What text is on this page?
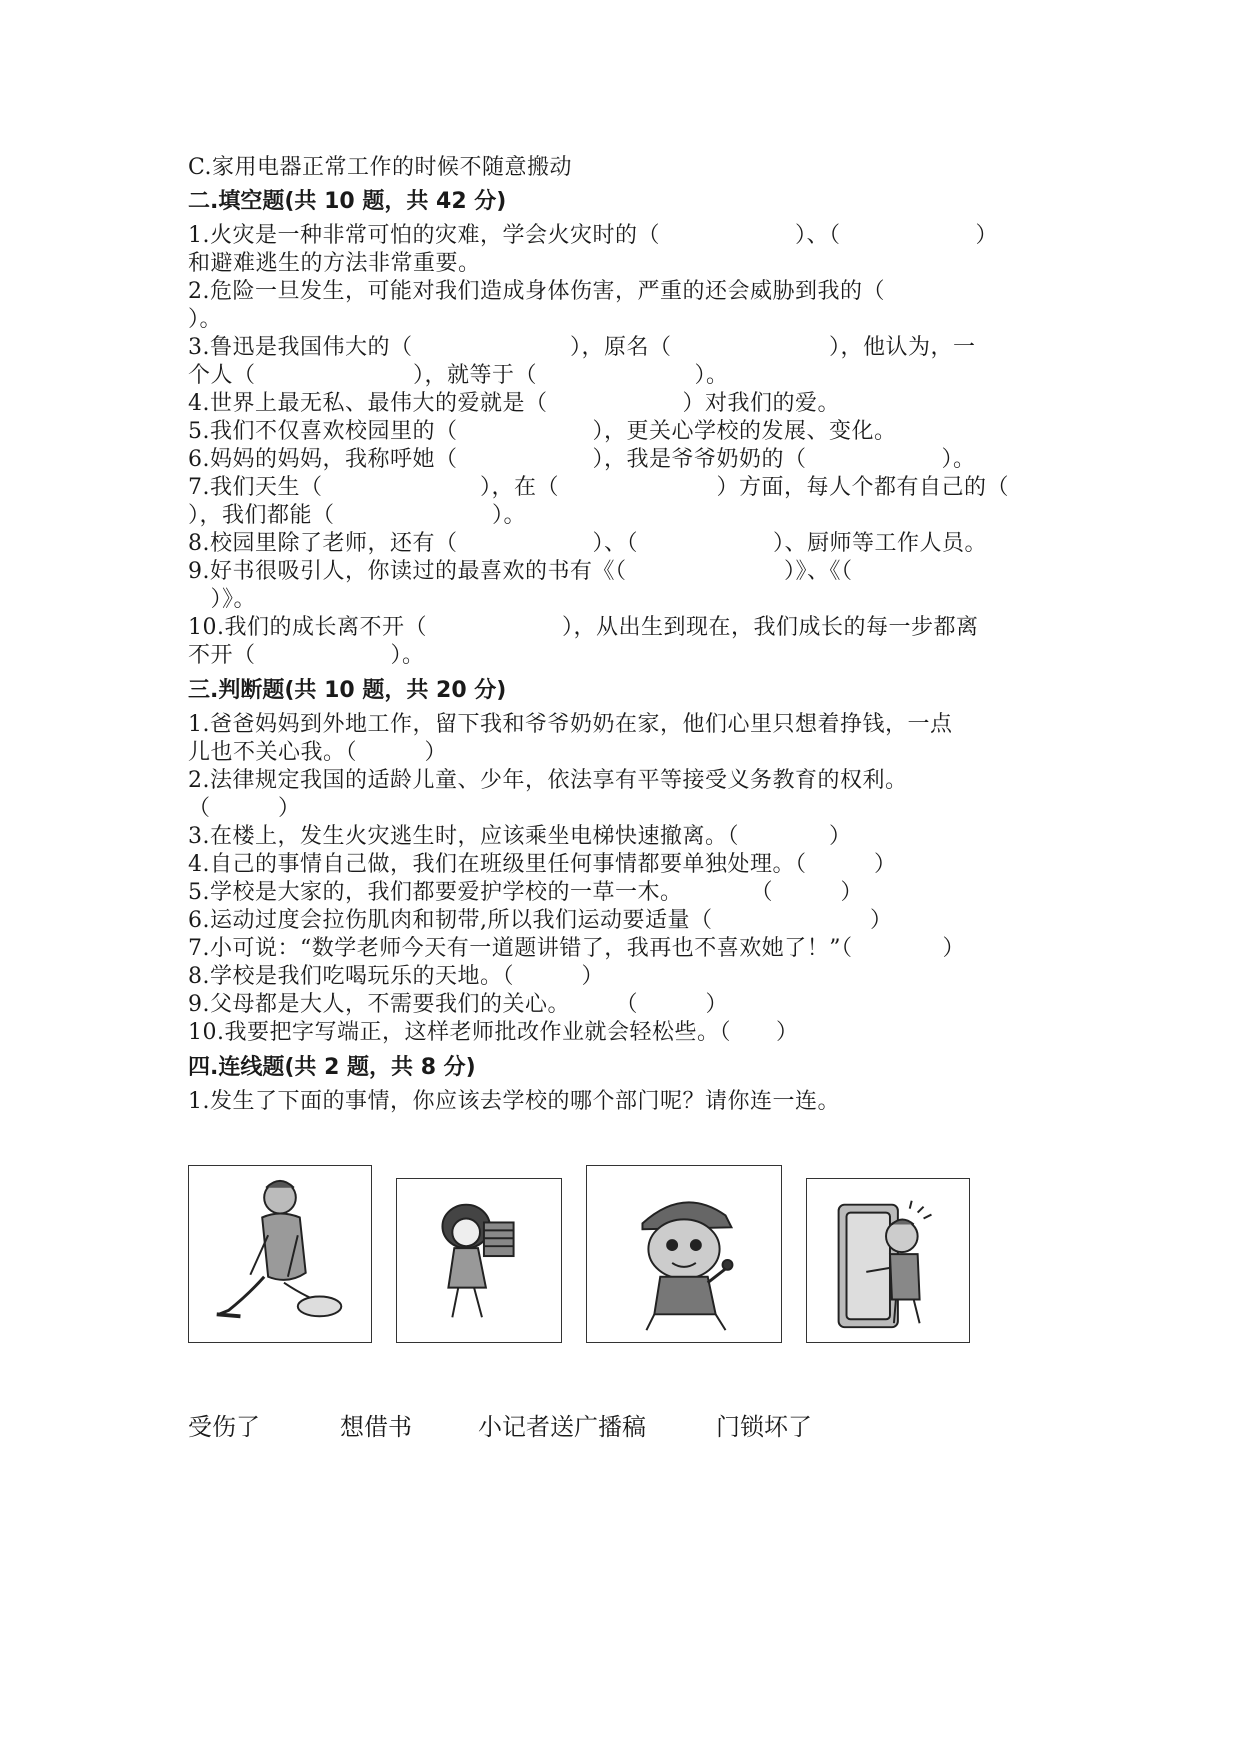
C.家用电器正常工作的时候不随意搬动
二.填空题(共 10 题，共 42 分)
1.火灾是一种非常可怕的灾难，学会火灾时的（　　　　　　）、（　　　　　　）
和避难逃生的方法非常重要。
2.危险一旦发生，可能对我们造成身体伤害，严重的还会威胁到我的（
）。
3.鲁迅是我国伟大的（　　　　　　　），原名（　　　　　　　），他认为，一
个人（　　　　　　　），就等于（　　　　　　　）。
4.世界上最无私、最伟大的爱就是（　　　　　　）对我们的爱。
5.我们不仅喜欢校园里的（　　　　　　），更关心学校的发展、变化。
6.妈妈的妈妈，我称呼她（　　　　　　），我是爷爷奶奶的（　　　　　　）。
7.我们天生（　　　　　　　），在（　　　　　　　）方面，每人个都有自己的（
），我们都能（　　　　　　　）。
8.校园里除了老师，还有（　　　　　　）、（　　　　　　）、厨师等工作人员。
9.好书很吸引人，你读过的最喜欢的书有《（　　　　　　　）》、《（
　）》。
10.我们的成长离不开（　　　　　　），从出生到现在，我们成长的每一步都离
不开（　　　　　　）。
三.判断题(共 10 题，共 20 分)
1.爸爸妈妈到外地工作，留下我和爷爷奶奶在家，他们心里只想着挣钱，一点
儿也不关心我。（　　　）
2.法律规定我国的适龄儿童、少年，依法享有平等接受义务教育的权利。
（　　　）
3.在楼上，发生火灾逃生时，应该乘坐电梯快速撤离。（　　　　）
4.自己的事情自己做，我们在班级里任何事情都要单独处理。（　　　）
5.学校是大家的，我们都要爱护学校的一草一木。　　　　（　　　）
6.运动过度会拉伤肌肉和韧带,所以我们运动要适量（　　　　　　　）
7.小可说：“数学老师今天有一道题讲错了，我再也不喜欢她了！”（　　　　）
8.学校是我们吃喝玩乐的天地。（　　　）
9.父母都是大人，不需要我们的关心。　　　（　　　）
10.我要把字写端正，这样老师批改作业就会轻松些。（　　）
四.连线题(共 2 题，共 8 分)
1.发生了下面的事情，你应该去学校的哪个部门呢？请你连一连。
受伤了	想借书	小记者送广播稿	门锁坏了
